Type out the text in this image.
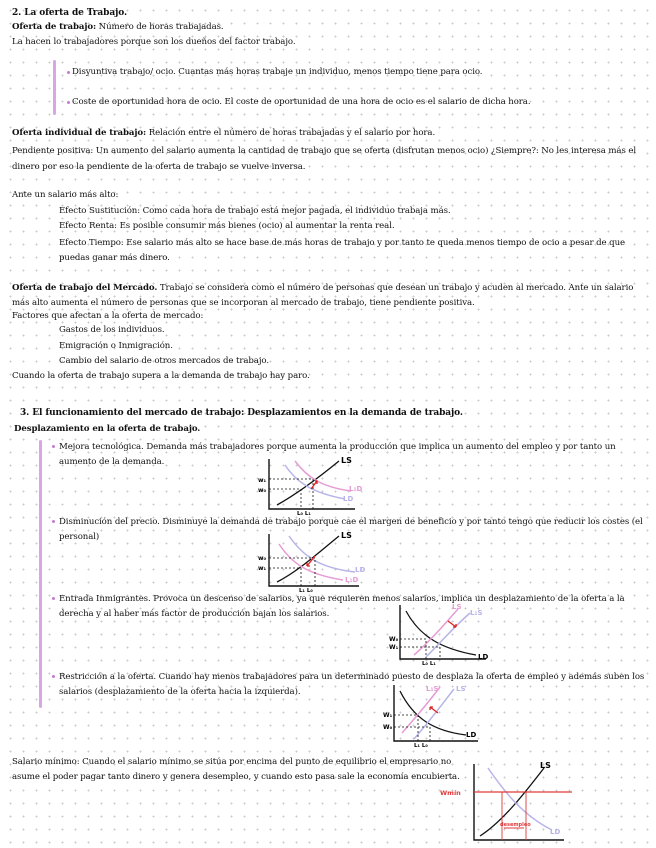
2. La oferta de Trabajo.
Oferta de trabajo: Número de horas trabajadas.
La hacen lo trabajadores porque son los dueños del factor trabajo.
Disyuntiva trabajo/ ocio. Cuantas más horas trabaje un individuo, menos tiempo tiene para ocio.
Coste de oportunidad hora de ocio. El coste de oportunidad de una hora de ocio es el salario de dicha hora.
Oferta individual de trabajo: Relación entre el número de horas trabajadas y el salario por hora.
Pendiente positiva: Un aumento del salario aumenta la cantidad de trabajo que se oferta (disfrutan menos ocio) ¿Siempre?: No les interesa más el dinero por eso la pendiente de la oferta de trabajo se vuelve inversa.
Ante un salario más alto:
Efecto Sustitución: Como cada hora de trabajo está mejor pagada, el individuo trabaja más.
Efecto Renta: Es posible consumir más bienes (ocio) al aumentar la renta real.
Efecto Tiempo: Ese salario más alto se hace base de más horas de trabajo y por tanto te queda menos tiempo de ocio a pesar de que puedas ganar más dinero.
Oferta de trabajo del Mercado. Trabajo se considera como el número de personas que desean un trabajo y acuden al mercado. Ante un salario más alto aumenta el número de personas que se incorporan al mercado de trabajo, tiene pendiente positiva.
Factores que afectan a la oferta de mercado:
Gastos de los individuos.
Emigración o Inmigración.
Cambio del salario de otros mercados de trabajo.
Cuando la oferta de trabajo supera a la demanda de trabajo hay paro.
3. El funcionamiento del mercado de trabajo: Desplazamientos en la demanda de trabajo.
Desplazamiento en la oferta de trabajo.
Mejora tecnológica. Demanda más trabajadores porque aumenta la producción que implica un aumento del empleo y por tanto un aumento de la demanda.
Disminución del precio. Disminuye la demanda de trabajo porque cae el margen de beneficio y por tanto tengo que reducir los costes (el personal)
Entrada Inmigrantes. Provoca un descenso de salarios, ya que requieren menos salarios, implica un desplazamiento de la oferta a la derecha y al haber más factor de producción bajan los salarios.
Restricción a la oferta. Cuando hay menos trabajadores para un determinado puesto de desplaza la oferta de empleo y además suben los salarios (desplazamiento de la oferta hacia la izquierda).
Salario mínimo: Cuando el salario mínimo se sitúa por encima del punto de equilibrio el empresario no asume el poder pagar tanto dinero y genera desempleo, y cuando esto pasa sale la economía encubierta.
LS
LD
L₁D
w₁
w₀
L₀ L₁
LS
LD
L₁D
w₀
w₁
L₁ L₀
LS
L₁S
LD
W₀
W₁
L₀ L₁
LS
L₁S
LD
W₁
W₀
L₁ L₀
Wmín
LS
LD
desempleo
